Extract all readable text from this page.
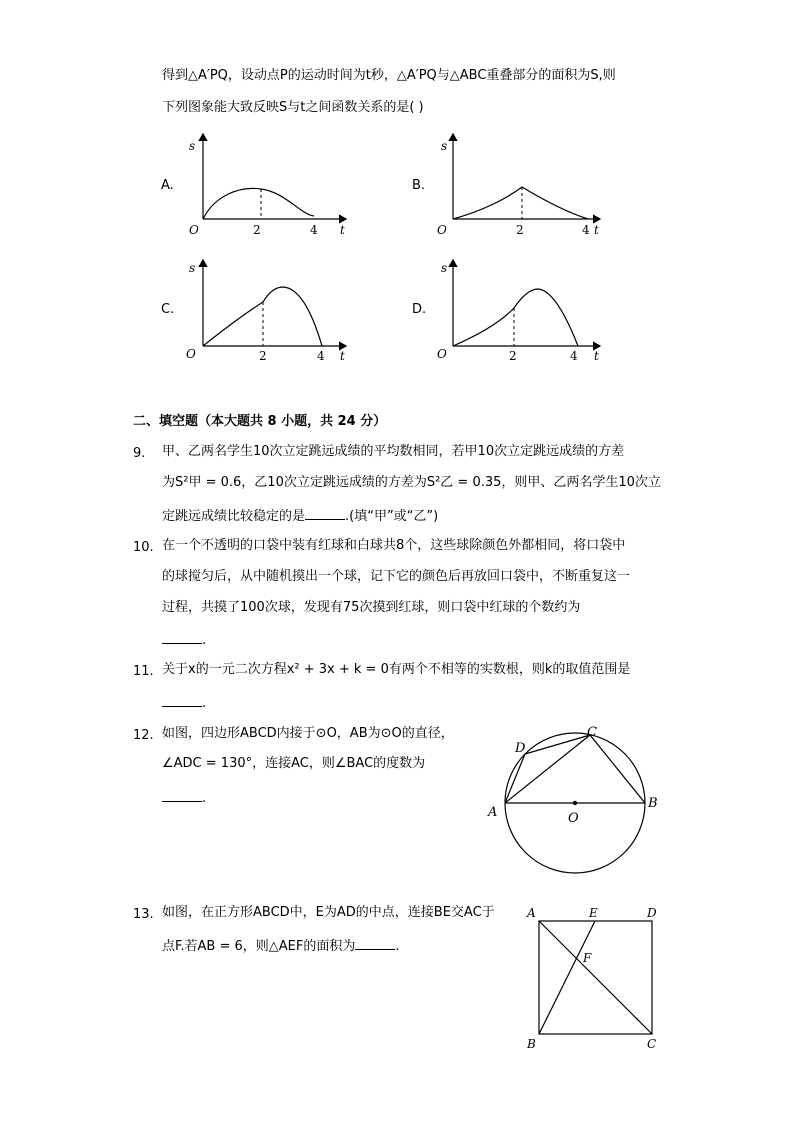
得到△A′PQ，设动点P的运动时间为t秒，△A′PQ与△ABC重叠部分的面积为S,则
下列图象能大致反映S与t之间函数关系的是( )
A.	B.
C.	D.
s
t
O	2	4
s
t
O	2	4
s
t
O	2	4
s
t
O	2	4
二、填空题（本大题共 8 小题，共 24 分）
9. 甲、乙两名学生10次立定跳远成绩的平均数相同，若甲10次立定跳远成绩的方差
为S²甲 = 0.6，乙10次立定跳远成绩的方差为S²乙 = 0.35，则甲、乙两名学生10次立
定跳远成绩比较稳定的是	.(填“甲”或“乙”)
10. 在一个不透明的口袋中装有红球和白球共8个，这些球除颜色外都相同，将口袋中
的球搅匀后，从中随机摸出一个球，记下它的颜色后再放回口袋中，不断重复这一
过程，共摸了100次球，发现有75次摸到红球，则口袋中红球的个数约为
.
11. 关于x的一元二次方程x² + 3x + k = 0有两个不相等的实数根，则k的取值范围是
.
12. 如图，四边形ABCD内接于⊙O，AB为⊙O的直径，
∠ADC = 130°，连接AC，则∠BAC的度数为
.
A
B
C
D
O
13. 如图，在正方形ABCD中，E为AD的中点，连接BE交AC于
点F.若AB = 6，则△AEF的面积为	.
A	E	D
F
B	C
